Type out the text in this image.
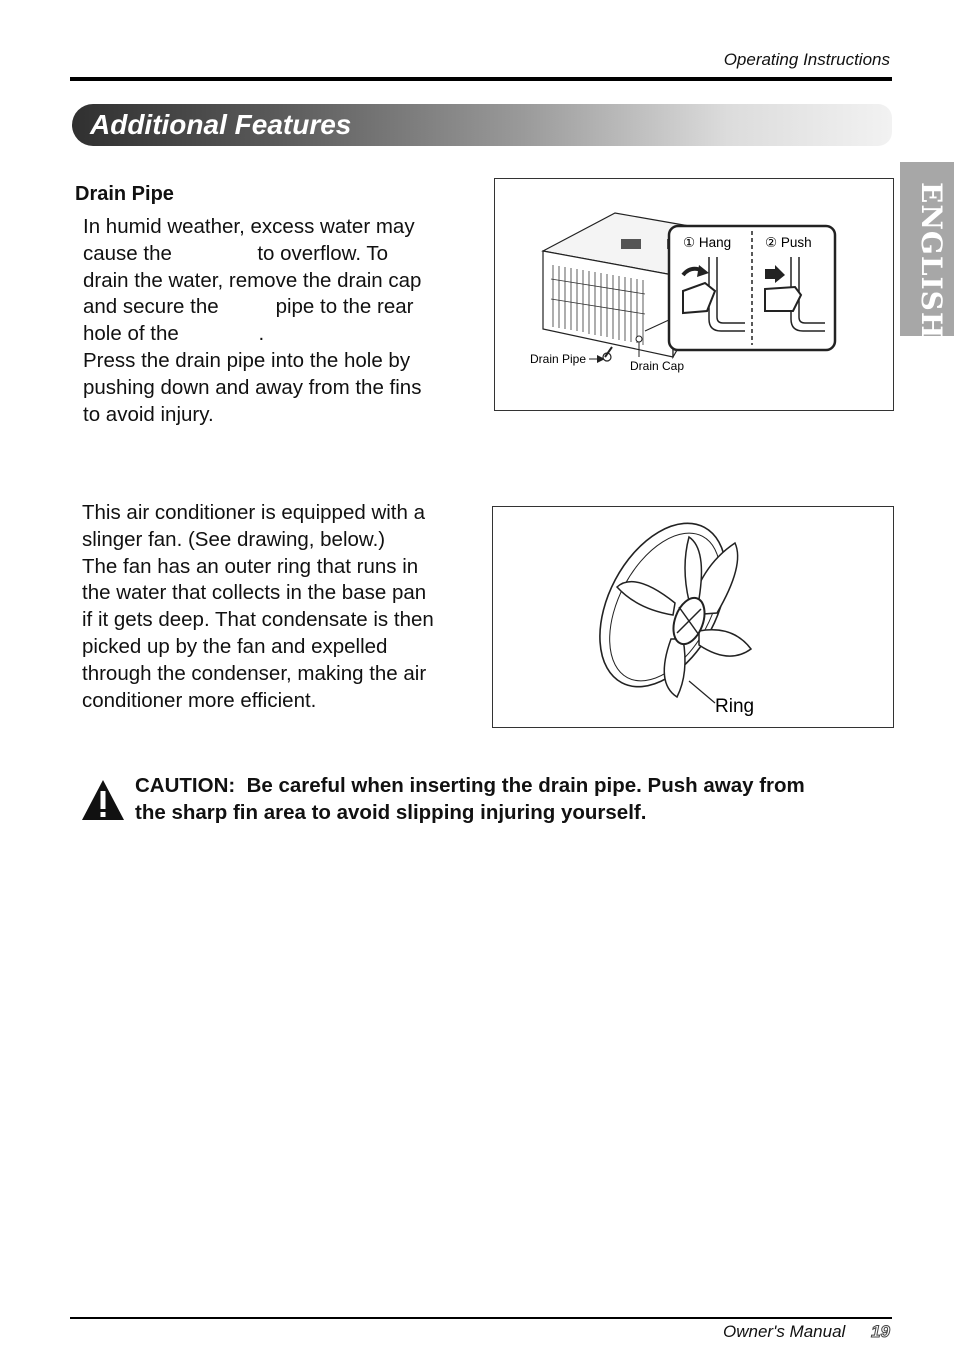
Operating Instructions
Additional Features
ENGLISH
Drain Pipe
In humid weather, excess water may
cause the               to overflow. To
drain the water, remove the drain cap
and secure the          pipe to the rear
hole of the              .
Press the drain pipe into the hole by
pushing down and away from the fins
to avoid injury.
① Hang	② Push
Drain Pipe	Drain Cap
This air conditioner is equipped with a
slinger fan. (See drawing, below.)
The fan has an outer ring that runs in
the water that collects in the base pan
if it gets deep. That condensate is then
picked up by the fan and expelled
through the condenser, making the air
conditioner more efficient.	Ring
CAUTION:  Be careful when inserting the drain pipe. Push away from
the sharp fin area to avoid slipping injuring yourself.
Owner's Manual 19
